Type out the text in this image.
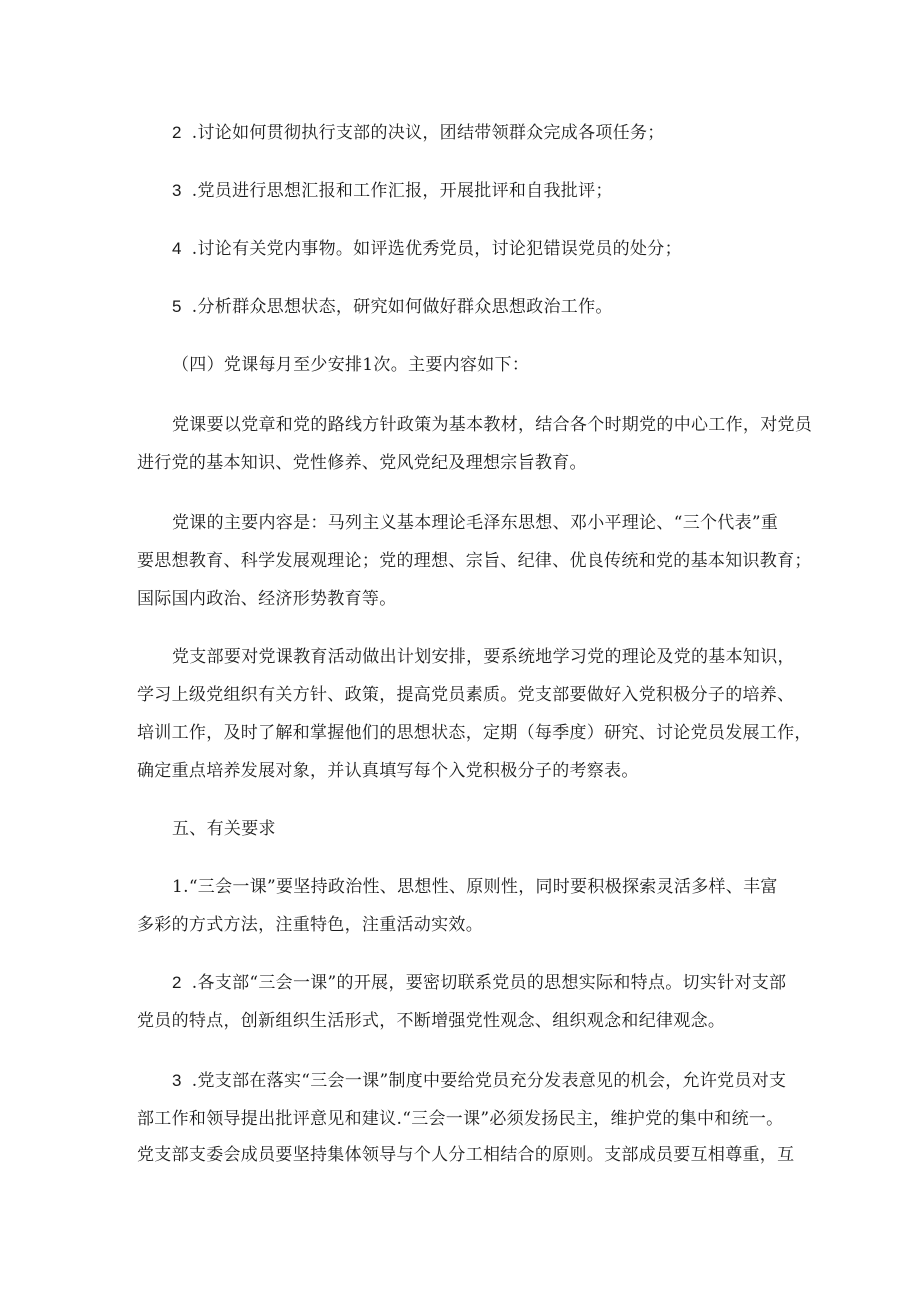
2 .讨论如何贯彻执行支部的决议，团结带领群众完成各项任务；
3 .党员进行思想汇报和工作汇报，开展批评和自我批评；
4 .讨论有关党内事物。如评选优秀党员，讨论犯错误党员的处分；
5 .分析群众思想状态，研究如何做好群众思想政治工作。
（四）党课每月至少安排1次。主要内容如下：
党课要以党章和党的路线方针政策为基本教材，结合各个时期党的中心工作，对党员
进行党的基本知识、党性修养、党风党纪及理想宗旨教育。
党课的主要内容是：马列主义基本理论毛泽东思想、邓小平理论、“三个代表”重
要思想教育、科学发展观理论；党的理想、宗旨、纪律、优良传统和党的基本知识教育；
国际国内政治、经济形势教育等。
党支部要对党课教育活动做出计划安排，要系统地学习党的理论及党的基本知识，
学习上级党组织有关方针、政策，提高党员素质。党支部要做好入党积极分子的培养、
培训工作，及时了解和掌握他们的思想状态，定期（每季度）研究、讨论党员发展工作，
确定重点培养发展对象，并认真填写每个入党积极分子的考察表。
五、有关要求
1.“三会一课”要坚持政治性、思想性、原则性，同时要积极探索灵活多样、丰富
多彩的方式方法，注重特色，注重活动实效。
2 .各支部“三会一课”的开展，要密切联系党员的思想实际和特点。切实针对支部
党员的特点，创新组织生活形式，不断增强党性观念、组织观念和纪律观念。
3 .党支部在落实“三会一课”制度中要给党员充分发表意见的机会，允许党员对支
部工作和领导提出批评意见和建议.“三会一课”必须发扬民主，维护党的集中和统一。
党支部支委会成员要坚持集体领导与个人分工相结合的原则。支部成员要互相尊重，互
